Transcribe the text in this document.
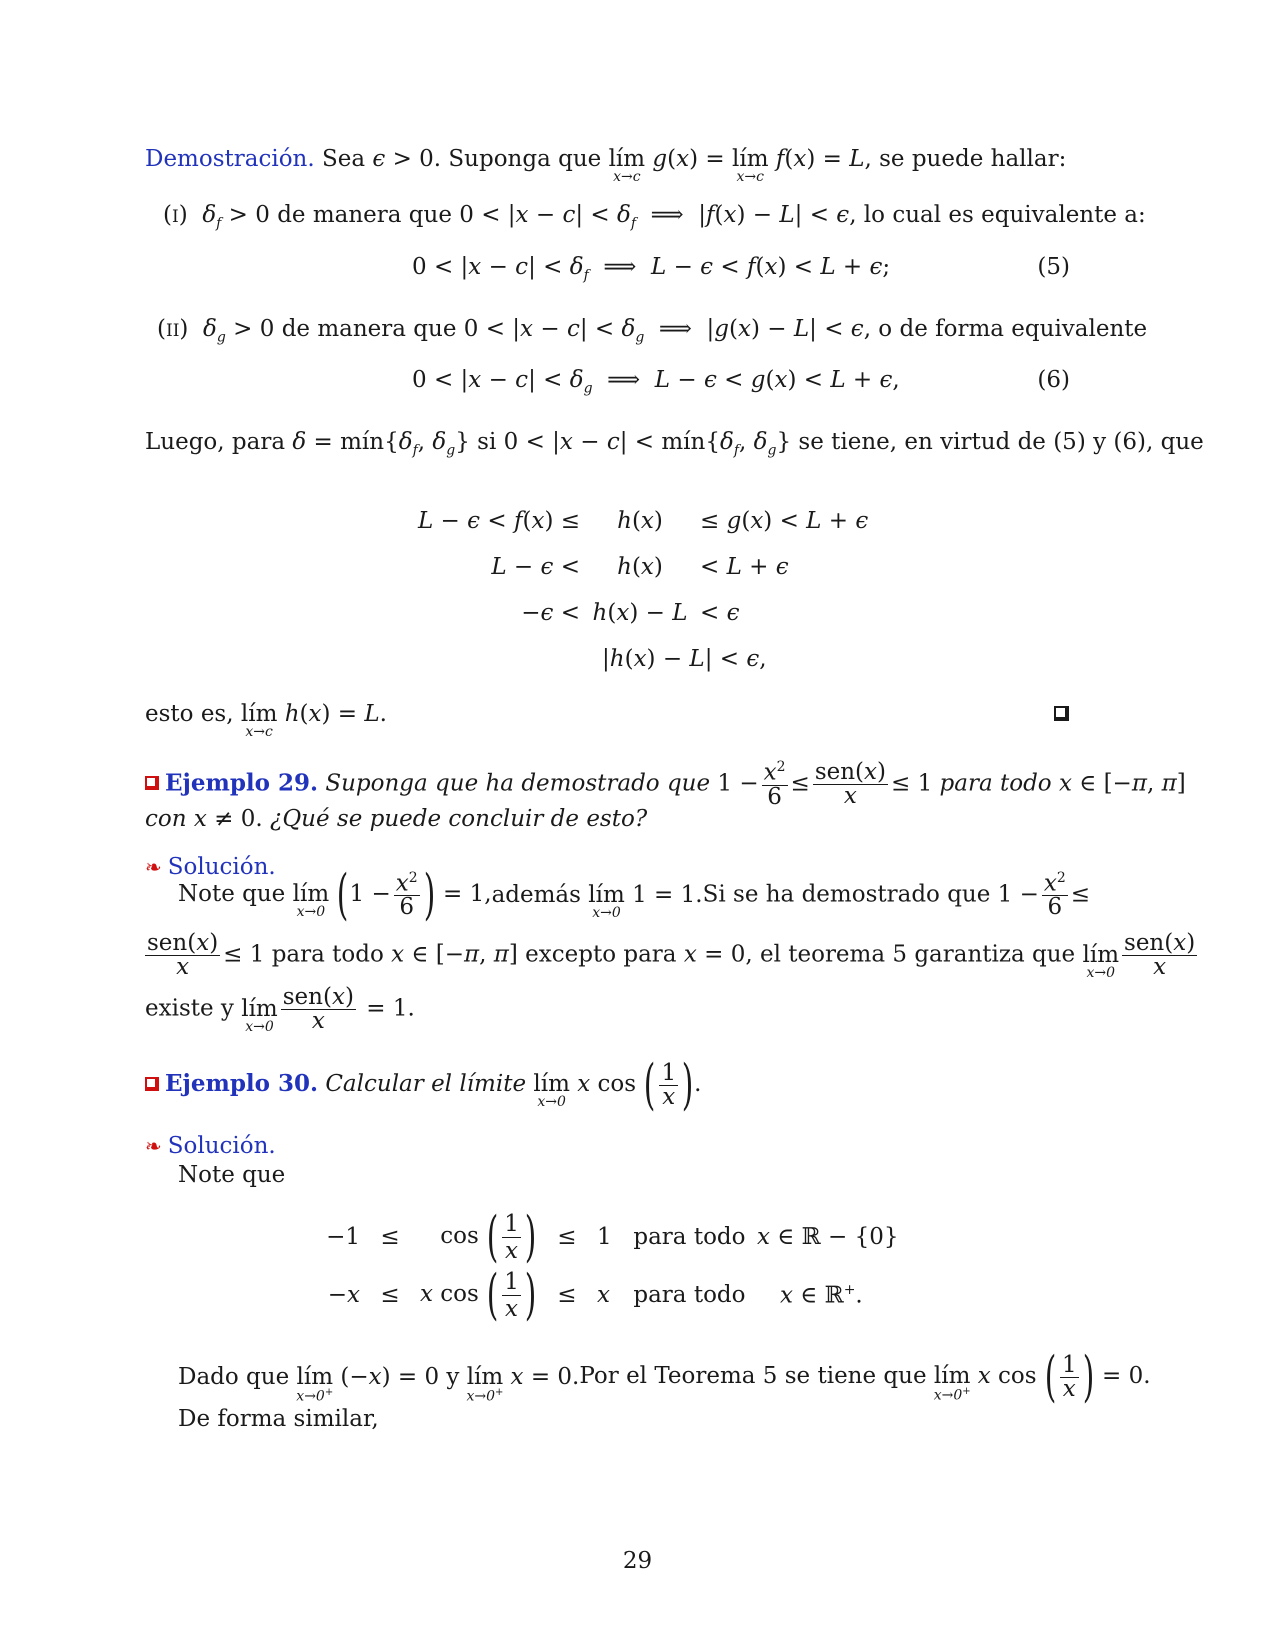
Demostración. Sea ϵ > 0. Suponga que lím
x→c
g(x) = lím
x→c
f(x) = L, se puede hallar:
(I)  $\delta_f > 0$ de manera que $0 < |x - c| < \delta_f$  ⟹  |f(x) − L| < ϵ, lo cual es equivalente a:
$0 < |x - c| < \delta_f$  ⟹  L − ϵ < f(x) < L + ϵ;	(5)
(II)  $\delta_g > 0$ de manera que $0 < |x - c| < \delta_g$  ⟹  |g(x) − L| < ϵ, o de forma equivalente
$0 < |x - c| < \delta_g$  ⟹  L − ϵ < g(x) < L + ϵ,	(6)
Luego, para $\delta = mín\{\delta_f$, $\delta_g$} si $0 < |x - c| < mín\{\delta_f$, $\delta_g$} se tiene, en virtud de (5) y (6), que
L − ϵ < f(x) ≤	h(x)	≤ g(x) < L + ϵ
L − ϵ <	h(x)	< L + ϵ
−ϵ <	h(x) − L	< ϵ
	|h(x) − L| < ϵ,	
esto es, lím
x→c
h(x) = L.
Ejemplo 29. Suponga que ha demostrado que $1 - \frac{x^2}{6} \le \frac{\text{sen(x)}}{x} \le 1$ para todo x ∈ [−π, π]
con x ≠ 0. ¿Qué se puede concluir de esto?
❧ Solución.
Note que lím
x→0 ($1 - \frac{x^2}{6}$ ) = 1, además lím
x→0
1 = 1. Si se ha demostrado que $1 - \frac{x^2}{6}$ ≤
$\frac{\text{sen(x)}}{x} \le 1$ para todo x ∈ [−π, π] excepto para x = 0, el teorema 5 garantiza que lím
$x\to 0 \frac{\text{sen(x)}}{x}$
existe y lím
$x\to 0 \frac{\text{sen(x)}}{x} = 1$.
Ejemplo 30. Calcular el límite lím
x→0
x cos ( $\frac{1}{x}$ ).
❧ Solución.
Note que
−1	≤	cos ( $\frac{1}{x}$ )	≤	1	para todo	x ∈ ℝ − {0}
−x	≤	x cos ( $\frac{1}{x}$ )	≤	x	para todo	x ∈ ℝ+.
Dado que lím
x→0+
(−x) = 0 y lím
x→0+
x = 0. Por el Teorema 5 se tiene que lím
x→0+
x cos ( $\frac{1}{x}$ ) = 0.
De forma similar,
29
